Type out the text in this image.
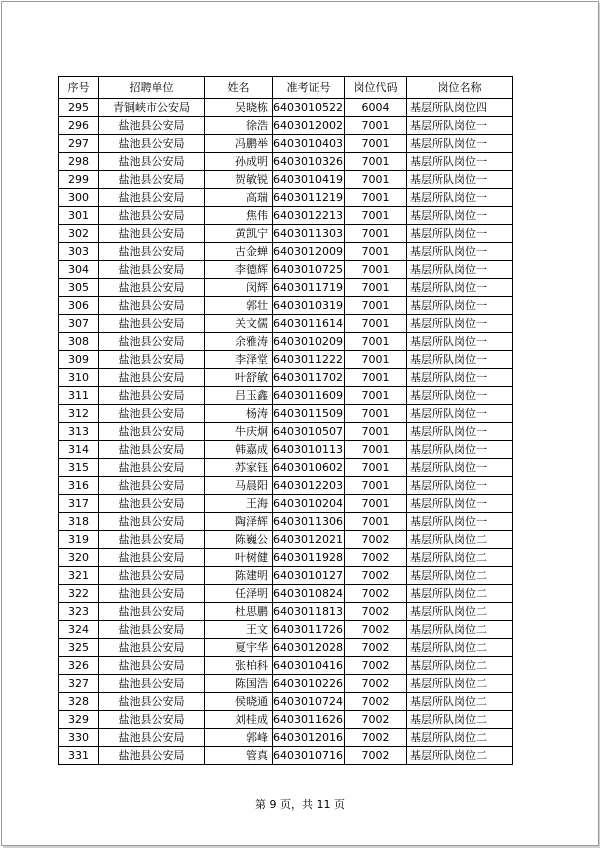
序号	招聘单位	姓名	准考证号	岗位代码	岗位名称
295	青铜峡市公安局	吴晓栋	6403010522	6004	基层所队岗位四
296	盐池县公安局	徐浩	6403012002	7001	基层所队岗位一
297	盐池县公安局	冯鹏举	6403010403	7001	基层所队岗位一
298	盐池县公安局	孙成明	6403010326	7001	基层所队岗位一
299	盐池县公安局	贺敏锐	6403010419	7001	基层所队岗位一
300	盐池县公安局	高瑞	6403011219	7001	基层所队岗位一
301	盐池县公安局	焦伟	6403012213	7001	基层所队岗位一
302	盐池县公安局	黄凯宁	6403011303	7001	基层所队岗位一
303	盐池县公安局	古金蝉	6403012009	7001	基层所队岗位一
304	盐池县公安局	李德辉	6403010725	7001	基层所队岗位一
305	盐池县公安局	闵辉	6403011719	7001	基层所队岗位一
306	盐池县公安局	郭壮	6403010319	7001	基层所队岗位一
307	盐池县公安局	关文儒	6403011614	7001	基层所队岗位一
308	盐池县公安局	余雅涛	6403010209	7001	基层所队岗位一
309	盐池县公安局	李泽堂	6403011222	7001	基层所队岗位一
310	盐池县公安局	叶舒敏	6403011702	7001	基层所队岗位一
311	盐池县公安局	吕玉鑫	6403011609	7001	基层所队岗位一
312	盐池县公安局	杨涛	6403011509	7001	基层所队岗位一
313	盐池县公安局	牛庆炯	6403010507	7001	基层所队岗位一
314	盐池县公安局	韩嘉成	6403010113	7001	基层所队岗位一
315	盐池县公安局	苏家钰	6403010602	7001	基层所队岗位一
316	盐池县公安局	马晨阳	6403012203	7001	基层所队岗位一
317	盐池县公安局	王海	6403010204	7001	基层所队岗位一
318	盐池县公安局	陶泽辉	6403011306	7001	基层所队岗位一
319	盐池县公安局	陈巍公	6403012021	7002	基层所队岗位二
320	盐池县公安局	叶树健	6403011928	7002	基层所队岗位二
321	盐池县公安局	陈建明	6403010127	7002	基层所队岗位二
322	盐池县公安局	任泽明	6403010824	7002	基层所队岗位二
323	盐池县公安局	杜思鹏	6403011813	7002	基层所队岗位二
324	盐池县公安局	王文	6403011726	7002	基层所队岗位二
325	盐池县公安局	夏宇华	6403012028	7002	基层所队岗位二
326	盐池县公安局	张柏科	6403010416	7002	基层所队岗位二
327	盐池县公安局	陈国浩	6403010226	7002	基层所队岗位二
328	盐池县公安局	侯晓通	6403010724	7002	基层所队岗位二
329	盐池县公安局	刘桂成	6403011626	7002	基层所队岗位二
330	盐池县公安局	郭峰	6403012016	7002	基层所队岗位二
331	盐池县公安局	管真	6403010716	7002	基层所队岗位二
第 9 页，共 11 页
